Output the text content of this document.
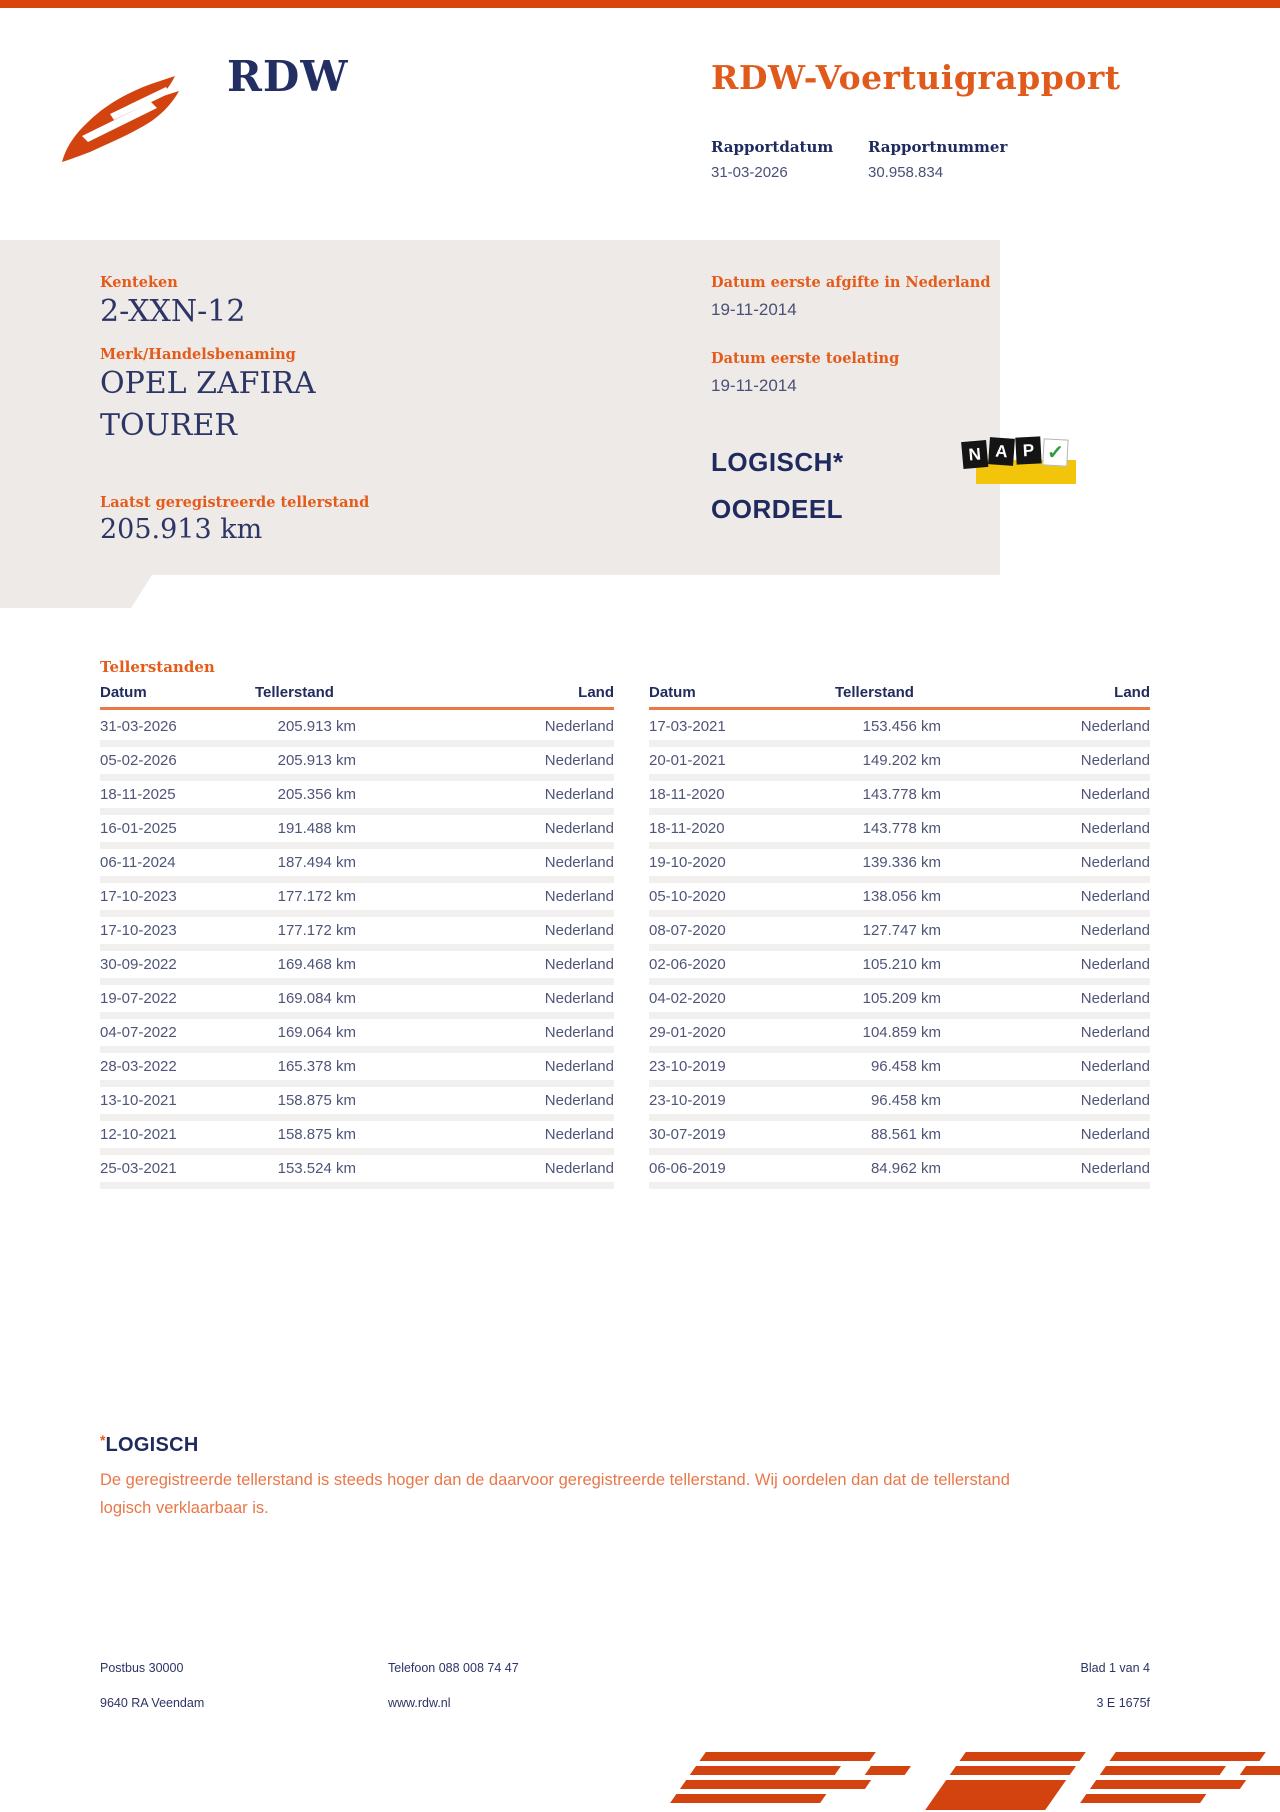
RDW	RDW-Voertuigrapport
Rapportdatum Rapportnummer
31-03-2026	30.958.834
Kenteken
2-XXN-12
Merk/Handelsbenaming
OPEL ZAFIRA
TOURER
Laatst geregistreerde tellerstand
205.913 km
Datum eerste afgifte in Nederland
19-11-2014
Datum eerste toelating
19-11-2014
LOGISCH*
OORDEEL
N A P ✓
Tellerstanden
Datum	Tellerstand	Land
31-03-2026	205.913 km	Nederland
05-02-2026	205.913 km	Nederland
18-11-2025	205.356 km	Nederland
16-01-2025	191.488 km	Nederland
06-11-2024	187.494 km	Nederland
17-10-2023	177.172 km	Nederland
17-10-2023	177.172 km	Nederland
30-09-2022	169.468 km	Nederland
19-07-2022	169.084 km	Nederland
04-07-2022	169.064 km	Nederland
28-03-2022	165.378 km	Nederland
13-10-2021	158.875 km	Nederland
12-10-2021	158.875 km	Nederland
25-03-2021	153.524 km	Nederland
Datum	Tellerstand	Land
17-03-2021	153.456 km	Nederland
20-01-2021	149.202 km	Nederland
18-11-2020	143.778 km	Nederland
18-11-2020	143.778 km	Nederland
19-10-2020	139.336 km	Nederland
05-10-2020	138.056 km	Nederland
08-07-2020	127.747 km	Nederland
02-06-2020	105.210 km	Nederland
04-02-2020	105.209 km	Nederland
29-01-2020	104.859 km	Nederland
23-10-2019	96.458 km	Nederland
23-10-2019	96.458 km	Nederland
30-07-2019	88.561 km	Nederland
06-06-2019	84.962 km	Nederland
*LOGISCH
De geregistreerde tellerstand is steeds hoger dan de daarvoor geregistreerde tellerstand. Wij oordelen dan dat de tellerstand logisch verklaarbaar is.
Postbus 30000
9640 RA Veendam
Telefoon 088 008 74 47
www.rdw.nl
Blad 1 van 4
3 E 1675f
